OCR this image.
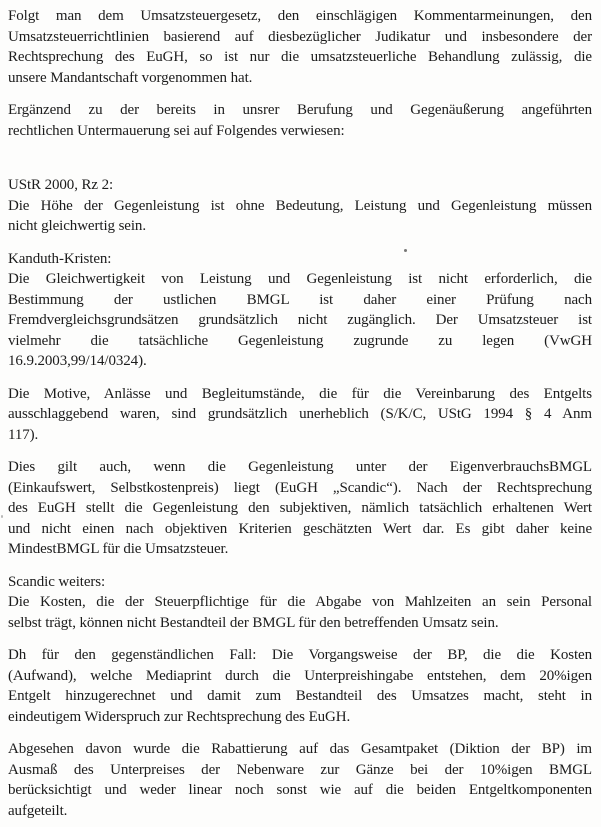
Folgt man dem Umsatzsteuergesetz, den einschlägigen Kommentarmeinungen, den
Umsatzsteuerrichtlinien basierend auf diesbezüglicher Judikatur und insbesondere der
Rechtsprechung des EuGH, so ist nur die umsatzsteuerliche Behandlung zulässig, die
unsere Mandantschaft vorgenommen hat.
Ergänzend zu der bereits in unsrer Berufung und Gegenäußerung angeführten
rechtlichen Untermauerung sei auf Folgendes verwiesen:
UStR 2000, Rz 2:
Die Höhe der Gegenleistung ist ohne Bedeutung, Leistung und Gegenleistung müssen
nicht gleichwertig sein.
Kanduth-Kristen:
Die Gleichwertigkeit von Leistung und Gegenleistung ist nicht erforderlich, die
Bestimmung der ustlichen BMGL ist daher einer Prüfung nach
Fremdvergleichsgrundsätzen grundsätzlich nicht zugänglich. Der Umsatzsteuer ist
vielmehr die tatsächliche Gegenleistung zugrunde zu legen (VwGH
16.9.2003,99/14/0324).
Die Motive, Anlässe und Begleitumstände, die für die Vereinbarung des Entgelts
ausschlaggebend waren, sind grundsätzlich unerheblich (S/K/C, UStG 1994 § 4 Anm
117).
Dies gilt auch, wenn die Gegenleistung unter der EigenverbrauchsBMGL
(Einkaufswert, Selbstkostenpreis) liegt (EuGH „Scandic“). Nach der Rechtsprechung
des EuGH stellt die Gegenleistung den subjektiven, nämlich tatsächlich erhaltenen Wert
und nicht einen nach objektiven Kriterien geschätzten Wert dar. Es gibt daher keine
MindestBMGL für die Umsatzsteuer.
Scandic weiters:
Die Kosten, die der Steuerpflichtige für die Abgabe von Mahlzeiten an sein Personal
selbst trägt, können nicht Bestandteil der BMGL für den betreffenden Umsatz sein.
Dh für den gegenständlichen Fall: Die Vorgangsweise der BP, die die Kosten
(Aufwand), welche Mediaprint durch die Unterpreishingabe entstehen, dem 20%igen
Entgelt hinzugerechnet und damit zum Bestandteil des Umsatzes macht, steht in
eindeutigem Widerspruch zur Rechtsprechung des EuGH.
Abgesehen davon wurde die Rabattierung auf das Gesamtpaket (Diktion der BP) im
Ausmaß des Unterpreises der Nebenware zur Gänze bei der 10%igen BMGL
berücksichtigt und weder linear noch sonst wie auf die beiden Entgeltkomponenten
aufgeteilt.
